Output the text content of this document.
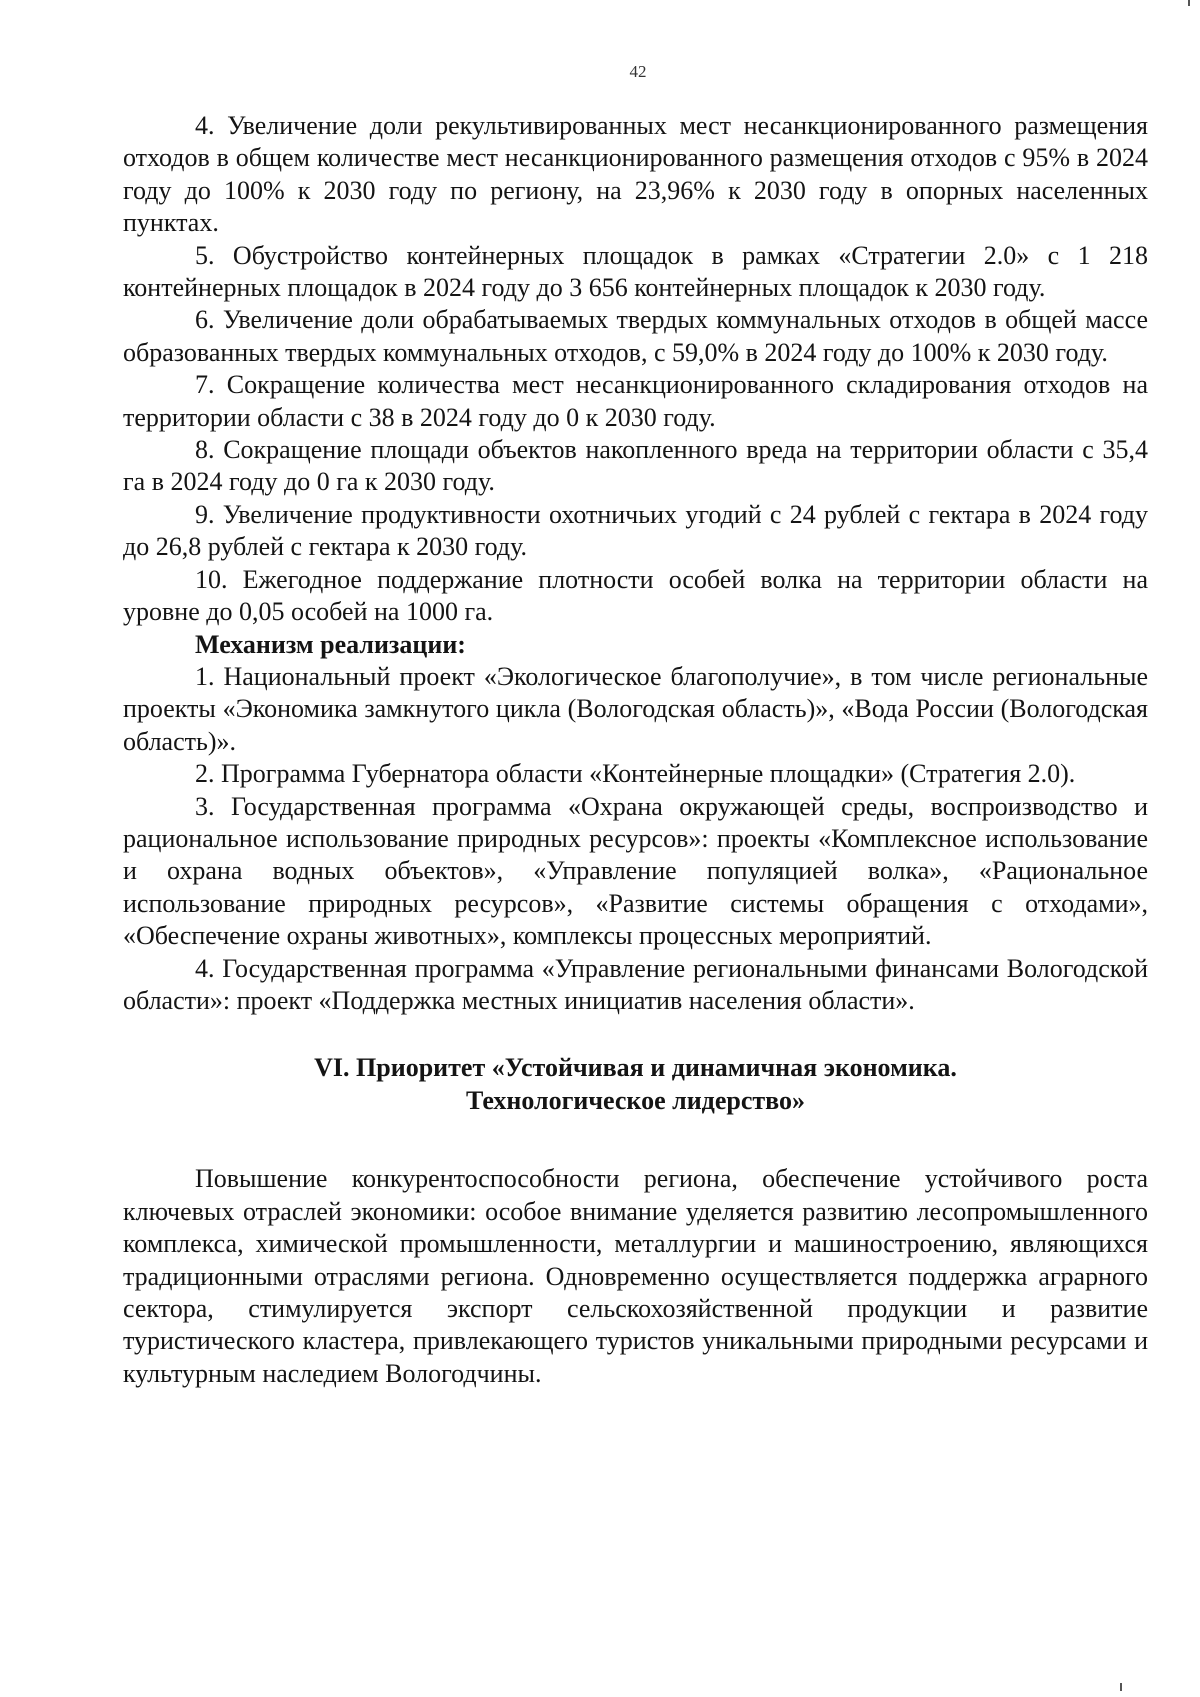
42

4. Увеличение доли рекультивированных мест несанкционированного размещения отходов в общем количестве мест несанкционированного размещения отходов с 95% в 2024 году до 100% к 2030 году по региону, на 23,96% к 2030 году в опорных населенных пунктах.

5. Обустройство контейнерных площадок в рамках «Стратегии 2.0» с 1 218 контейнерных площадок в 2024 году до 3 656 контейнерных площадок к 2030 году.

6. Увеличение доли обрабатываемых твердых коммунальных отходов в общей массе образованных твердых коммунальных отходов, с 59,0% в 2024 году до 100% к 2030 году.

7. Сокращение количества мест несанкционированного складирования отходов на территории области с 38 в 2024 году до 0 к 2030 году.

8. Сокращение площади объектов накопленного вреда на территории области с 35,4 га в 2024 году до 0 га к 2030 году.

9. Увеличение продуктивности охотничьих угодий с 24 рублей с гектара в 2024 году до 26,8 рублей с гектара к 2030 году.

10. Ежегодное поддержание плотности особей волка на территории области на уровне до 0,05 особей на 1000 га.

Механизм реализации:

1. Национальный проект «Экологическое благополучие», в том числе региональные проекты «Экономика замкнутого цикла (Вологодская область)», «Вода России (Вологодская область)».

2. Программа Губернатора области «Контейнерные площадки» (Стратегия 2.0).

3. Государственная программа «Охрана окружающей среды, воспроизводство и рациональное использование природных ресурсов»: проекты «Комплексное использование и охрана водных объектов», «Управление популяцией волка», «Рациональное использование природных ресурсов», «Развитие системы обращения с отходами», «Обеспечение охраны животных», комплексы процессных мероприятий.

4. Государственная программа «Управление региональными финансами Вологодской области»: проект «Поддержка местных инициатив населения области».

VI. Приоритет «Устойчивая и динамичная экономика.
Технологическое лидерство»

Повышение конкурентоспособности региона, обеспечение устойчивого роста ключевых отраслей экономики: особое внимание уделяется развитию лесопромышленного комплекса, химической промышленности, металлургии и машиностроению, являющихся традиционными отраслями региона. Одновременно осуществляется поддержка аграрного сектора, стимулируется экспорт сельскохозяйственной продукции и развитие туристического кластера, привлекающего туристов уникальными природными ресурсами и культурным наследием Вологодчины.
